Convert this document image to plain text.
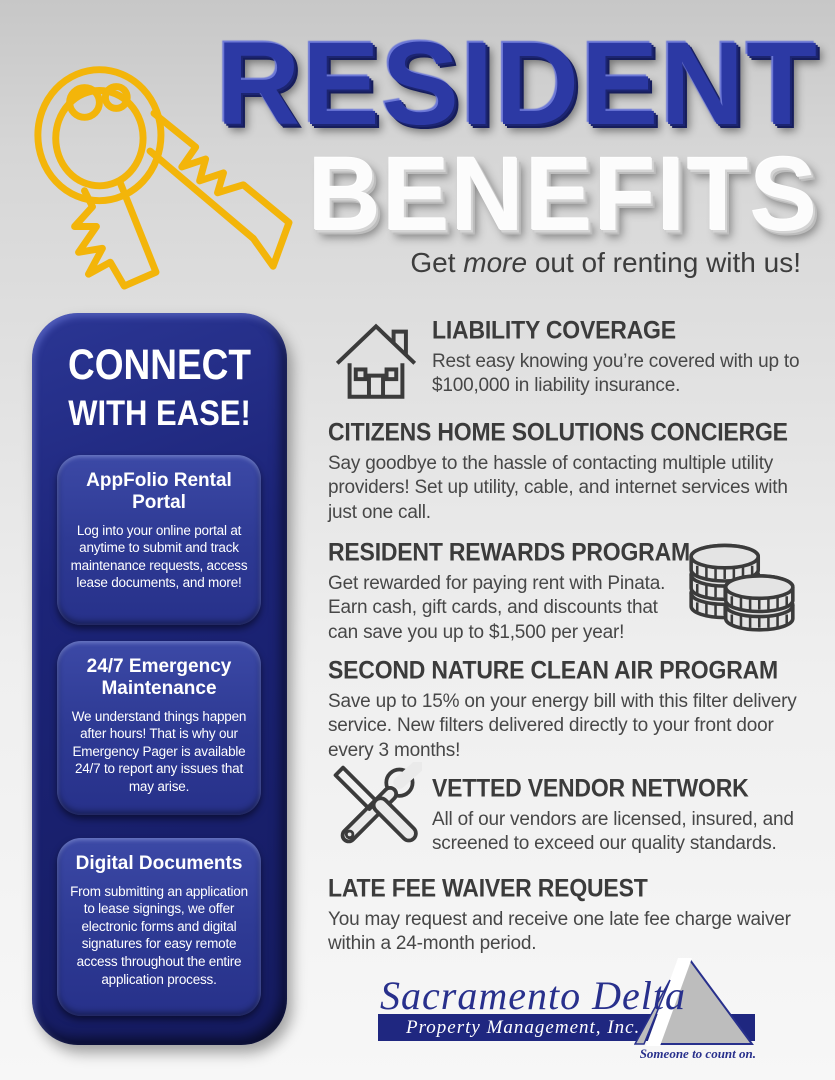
RESIDENT
BENEFITS
Get more out of renting with us!
CONNECT
WITH EASE!
AppFolio Rental Portal
Log into your online portal at anytime to submit and track maintenance requests, access lease documents, and more!
24/7 Emergency Maintenance
We understand things happen after hours! That is why our Emergency Pager is available 24/7 to report any issues that may arise.
Digital Documents
From submitting an application to lease signings, we offer electronic forms and digital signatures for easy remote access throughout the entire application process.
LIABILITY COVERAGE
Rest easy knowing you’re covered with up to $100,000 in liability insurance.
CITIZENS HOME SOLUTIONS CONCIERGE
Say goodbye to the hassle of contacting multiple utility providers! Set up utility, cable, and internet services with just one call.
RESIDENT REWARDS PROGRAM
Get rewarded for paying rent with Pinata. Earn cash, gift cards, and discounts that can save you up to $1,500 per year!
SECOND NATURE CLEAN AIR PROGRAM
Save up to 15% on your energy bill with this filter delivery service. New filters delivered directly to your front door every 3 months!
VETTED VENDOR NETWORK
All of our vendors are licensed, insured, and screened to exceed our quality standards.
LATE FEE WAIVER REQUEST
You may request and receive one late fee charge waiver within a 24-month period.
Property Management, Inc.
Sacramento Delta
Someone to count on.
